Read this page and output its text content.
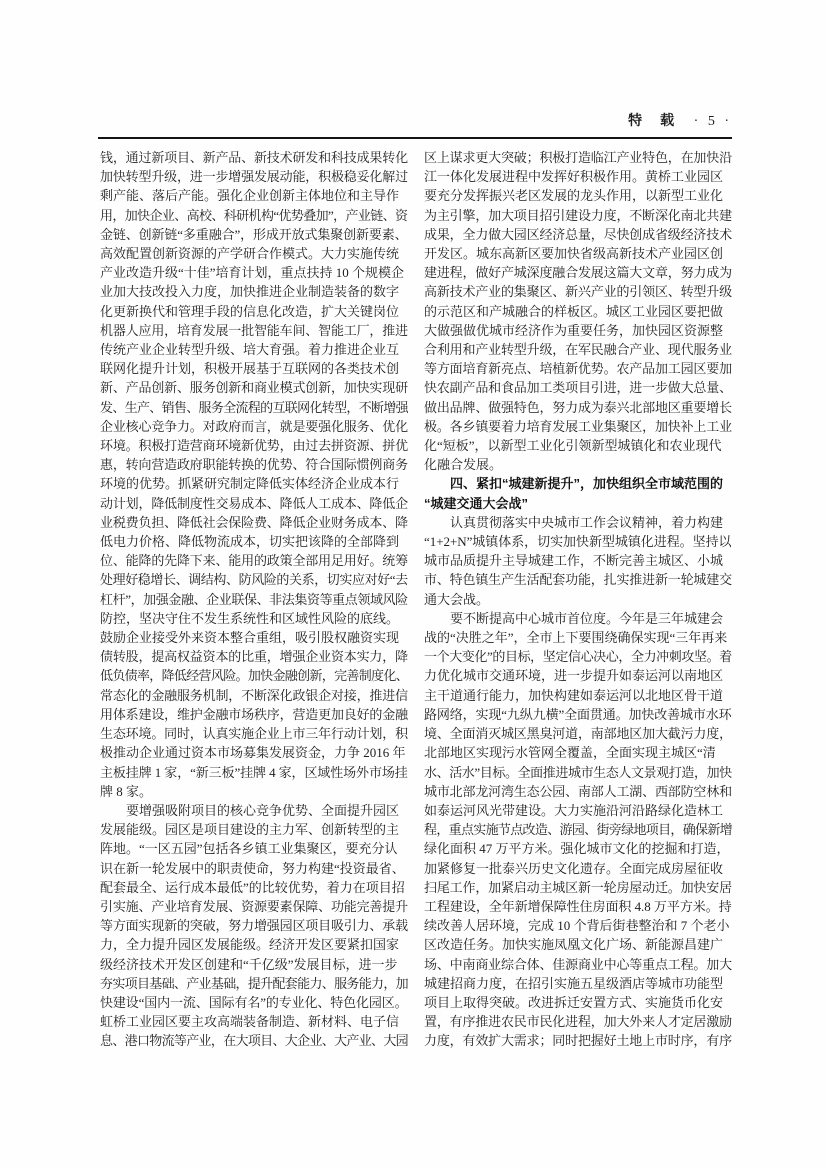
特　载 · 5 ·
钱，通过新项目、新产品、新技术研发和科技成果转化
加快转型升级，进一步增强发展动能，积极稳妥化解过
剩产能、落后产能。强化企业创新主体地位和主导作
用，加快企业、高校、科研机构“优势叠加”，产业链、资
金链、创新链“多重融合”，形成开放式集聚创新要素、
高效配置创新资源的产学研合作模式。大力实施传统
产业改造升级“十佳”培育计划，重点扶持 10 个规模企
业加大技改投入力度，加快推进企业制造装备的数字
化更新换代和管理手段的信息化改造，扩大关键岗位
机器人应用，培育发展一批智能车间、智能工厂，推进
传统产业企业转型升级、培大育强。着力推进企业互
联网化提升计划，积极开展基于互联网的各类技术创
新、产品创新、服务创新和商业模式创新，加快实现研
发、生产、销售、服务全流程的互联网化转型，不断增强
企业核心竞争力。对政府而言，就是要强化服务、优化
环境。积极打造营商环境新优势，由过去拼资源、拼优
惠，转向营造政府职能转换的优势、符合国际惯例商务
环境的优势。抓紧研究制定降低实体经济企业成本行
动计划，降低制度性交易成本、降低人工成本、降低企
业税费负担、降低社会保险费、降低企业财务成本、降
低电力价格、降低物流成本，切实把该降的全部降到
位、能降的先降下来、能用的政策全部用足用好。统筹
处理好稳增长、调结构、防风险的关系，切实应对好“去
杠杆”，加强金融、企业联保、非法集资等重点领域风险
防控，坚决守住不发生系统性和区域性风险的底线。
鼓励企业接受外来资本整合重组，吸引股权融资实现
债转股，提高权益资本的比重，增强企业资本实力，降
低负债率，降低经营风险。加快金融创新，完善制度化、
常态化的金融服务机制，不断深化政银企对接，推进信
用体系建设，维护金融市场秩序，营造更加良好的金融
生态环境。同时，认真实施企业上市三年行动计划，积
极推动企业通过资本市场募集发展资金，力争 2016 年
主板挂牌 1 家，“新三板”挂牌 4 家，区域性场外市场挂
牌 8 家。
要增强吸附项目的核心竞争优势、全面提升园区
发展能级。园区是项目建设的主力军、创新转型的主
阵地。“一区五园”包括各乡镇工业集聚区，要充分认
识在新一轮发展中的职责使命，努力构建“投资最省、
配套最全、运行成本最低”的比较优势，着力在项目招
引实施、产业培育发展、资源要素保障、功能完善提升
等方面实现新的突破，努力增强园区项目吸引力、承载
力，全力提升园区发展能级。经济开发区要紧扣国家
级经济技术开发区创建和“千亿级”发展目标，进一步
夯实项目基础、产业基础，提升配套能力、服务能力，加
快建设“国内一流、国际有名”的专业化、特色化园区。
虹桥工业园区要主攻高端装备制造、新材料、电子信
息、港口物流等产业，在大项目、大企业、大产业、大园
区上谋求更大突破；积极打造临江产业特色，在加快沿
江一体化发展进程中发挥好积极作用。黄桥工业园区
要充分发挥振兴老区发展的龙头作用，以新型工业化
为主引擎，加大项目招引建设力度，不断深化南北共建
成果，全力做大园区经济总量，尽快创成省级经济技术
开发区。城东高新区要加快省级高新技术产业园区创
建进程，做好产城深度融合发展这篇大文章，努力成为
高新技术产业的集聚区、新兴产业的引领区、转型升级
的示范区和产城融合的样板区。城区工业园区要把做
大做强做优城市经济作为重要任务，加快园区资源整
合利用和产业转型升级，在军民融合产业、现代服务业
等方面培育新亮点、培植新优势。农产品加工园区要加
快农副产品和食品加工类项目引进，进一步做大总量、
做出品牌、做强特色，努力成为泰兴北部地区重要增长
极。各乡镇要着力培育发展工业集聚区，加快补上工业
化“短板”，以新型工业化引领新型城镇化和农业现代
化融合发展。
四、紧扣“城建新提升”，加快组织全市域范围的
“城建交通大会战”
认真贯彻落实中央城市工作会议精神，着力构建
“1+2+N”城镇体系，切实加快新型城镇化进程。坚持以
城市品质提升主导城建工作，不断完善主城区、小城
市、特色镇生产生活配套功能，扎实推进新一轮城建交
通大会战。
要不断提高中心城市首位度。今年是三年城建会
战的“决胜之年”，全市上下要围绕确保实现“三年再来
一个大变化”的目标，坚定信心决心，全力冲刺攻坚。着
力优化城市交通环境，进一步提升如泰运河以南地区
主干道通行能力，加快构建如泰运河以北地区骨干道
路网络，实现“九纵九横”全面贯通。加快改善城市水环
境、全面消灭城区黑臭河道，南部地区加大截污力度，
北部地区实现污水管网全覆盖，全面实现主城区“清
水、活水”目标。全面推进城市生态人文景观打造，加快
城市北部龙河湾生态公园、南部人工湖、西部防空林和
如泰运河风光带建设。大力实施沿河沿路绿化造林工
程，重点实施节点改造、游园、街旁绿地项目，确保新增
绿化面积 47 万平方米。强化城市文化的挖掘和打造，
加紧修复一批泰兴历史文化遗存。全面完成房屋征收
扫尾工作，加紧启动主城区新一轮房屋动迁。加快安居
工程建设，全年新增保障性住房面积 4.8 万平方米。持
续改善人居环境，完成 10 个背后街巷整治和 7 个老小
区改造任务。加快实施凤凰文化广场、新能源昌建广
场、中南商业综合体、佳源商业中心等重点工程。加大
城建招商力度，在招引实施五星级酒店等城市功能型
项目上取得突破。改进拆迁安置方式、实施货币化安
置，有序推进农民市民化进程，加大外来人才定居激励
力度，有效扩大需求；同时把握好土地上市时序，有序
